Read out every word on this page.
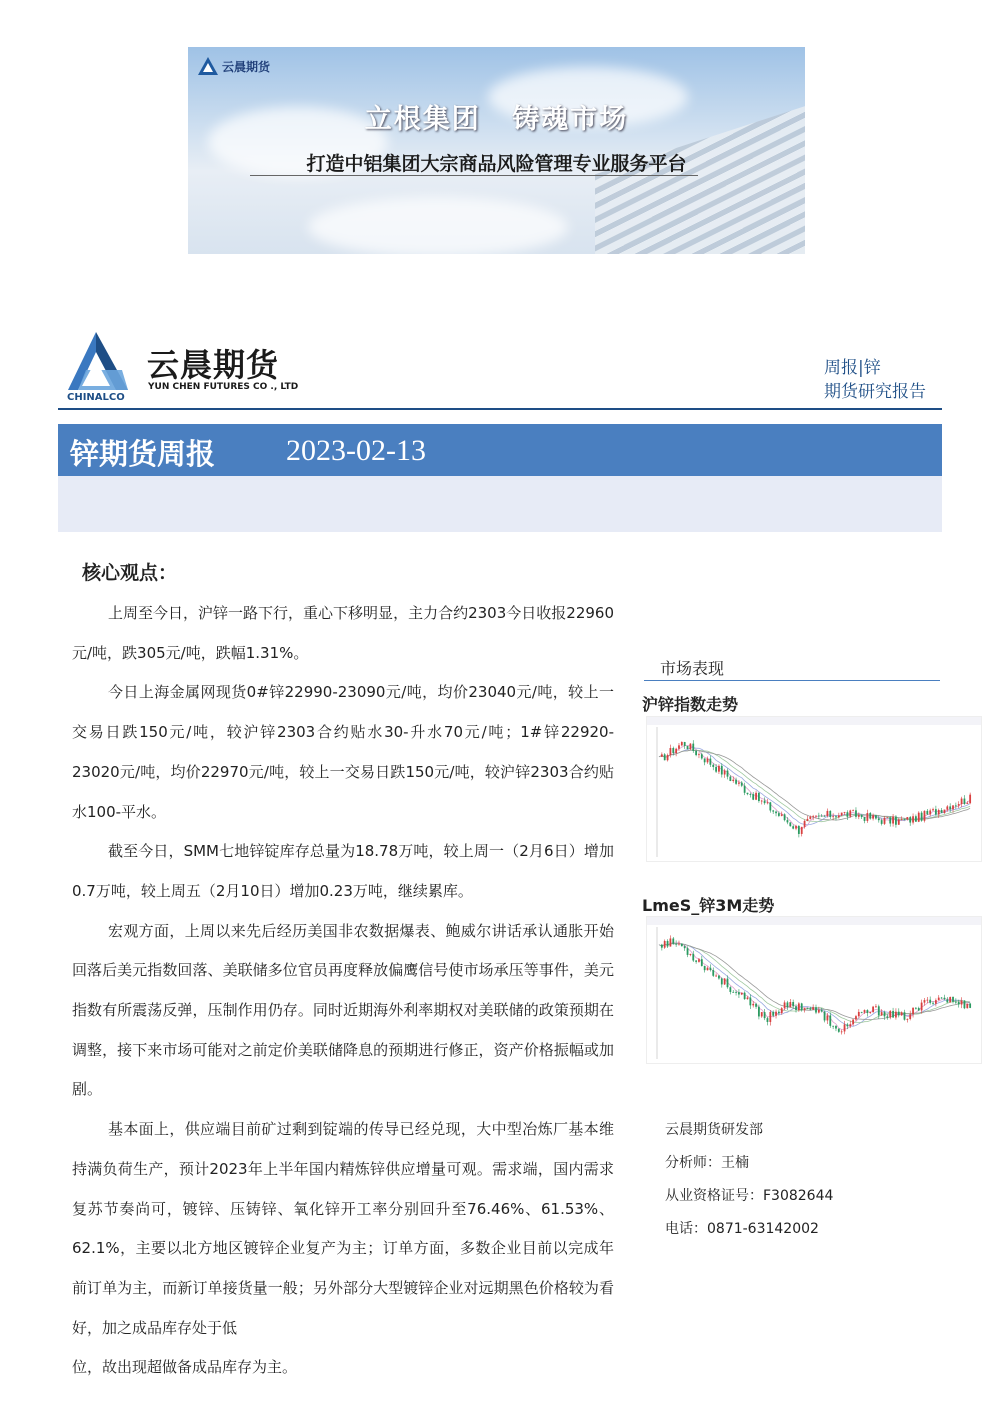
云晨期货
立根集团 铸魂市场
打造中铝集团大宗商品风险管理专业服务平台
CHINALCO
云晨期货
YUN CHEN FUTURES CO ., LTD
周报|锌
期货研究报告
锌期货周报 2023-02-13
核心观点：

上周至今日，沪锌一路下行，重心下移明显，主力合约2303今日收报22960元/吨，跌305元/吨，跌幅1.31%。

今日上海金属网现货0#锌22990-23090元/吨，均价23040元/吨，较上一交易日跌150元/吨，较沪锌2303合约贴水30-升水70元/吨；1#锌22920-23020元/吨，均价22970元/吨，较上一交易日跌150元/吨，较沪锌2303合约贴水100-平水。

截至今日，SMM七地锌锭库存总量为18.78万吨，较上周一（2月6日）增加0.7万吨，较上周五（2月10日）增加0.23万吨，继续累库。

宏观方面，上周以来先后经历美国非农数据爆表、鲍威尔讲话承认通胀开始回落后美元指数回落、美联储多位官员再度释放偏鹰信号使市场承压等事件，美元指数有所震荡反弹，压制作用仍存。同时近期海外利率期权对美联储的政策预期在调整，接下来市场可能对之前定价美联储降息的预期进行修正，资产价格振幅或加剧。

基本面上，供应端目前矿过剩到锭端的传导已经兑现，大中型冶炼厂基本维持满负荷生产，预计2023年上半年国内精炼锌供应增量可观。需求端，国内需求复苏节奏尚可，镀锌、压铸锌、氧化锌开工率分别回升至76.46%、61.53%、62.1%，主要以北方地区镀锌企业复产为主；订单方面，多数企业目前以完成年前订单为主，而新订单接货量一般；另外部分大型镀锌企业对远期黑色价格较为看好，加之成品库存处于低

位，故出现超做备成品库存为主。

市场表现
沪锌指数走势
LmeS_锌3M走势
云晨期货研发部
分析师：王楠
从业资格证号：F3082644
电话：0871-63142002
